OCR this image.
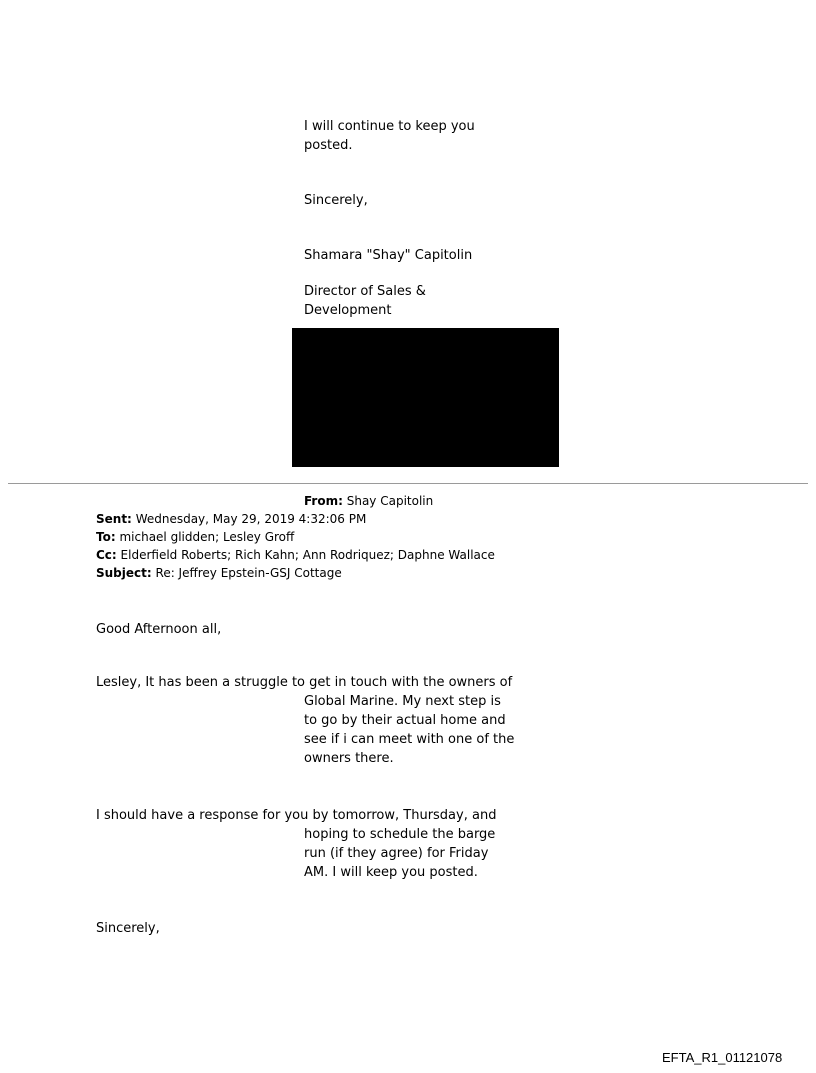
I will continue to keep you

posted.

Sincerely,

Shamara "Shay" Capitolin

Director of Sales &

Development

From: Shay Capitolin

Sent: Wednesday, May 29, 2019 4:32:06 PM

To: michael glidden; Lesley Groff

Cc: Elderfield Roberts; Rich Kahn; Ann Rodriquez; Daphne Wallace

Subject: Re: Jeffrey Epstein-GSJ Cottage

Good Afternoon all,

Lesley, It has been a struggle to get in touch with the owners of

Global Marine. My next step is

to go by their actual home and

see if i can meet with one of the

owners there.

I should have a response for you by tomorrow, Thursday, and

hoping to schedule the barge

run (if they agree) for Friday

AM. I will keep you posted.

Sincerely,

EFTA_R1_01121078
